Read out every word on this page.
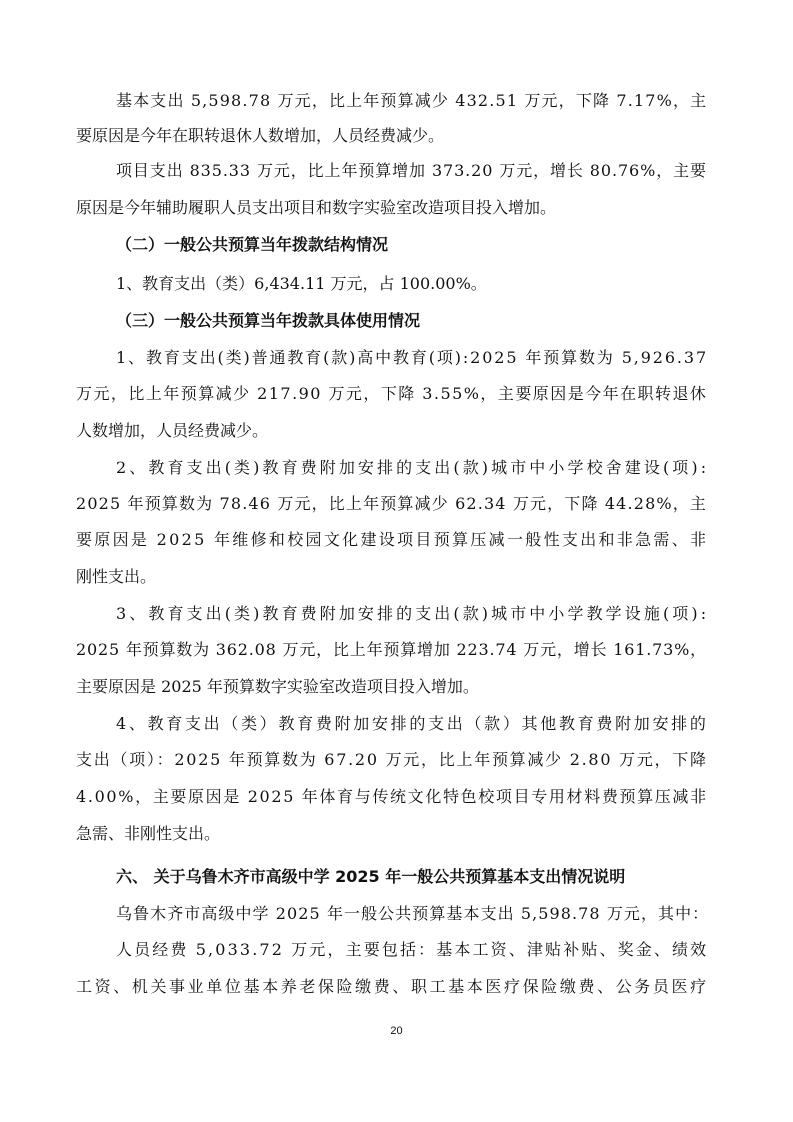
基本支出 5,598.78 万元，比上年预算减少 432.51 万元，下降 7.17%，主
要原因是今年在职转退休人数增加，人员经费减少。
项目支出 835.33 万元，比上年预算增加 373.20 万元，增长 80.76%，主要
原因是今年辅助履职人员支出项目和数字实验室改造项目投入增加。
（二）一般公共预算当年拨款结构情况
1、教育支出（类）6,434.11 万元，占 100.00%。
（三）一般公共预算当年拨款具体使用情况
1、教育支出(类)普通教育(款)高中教育(项):2025 年预算数为 5,926.37
万元，比上年预算减少 217.90 万元，下降 3.55%，主要原因是今年在职转退休
人数增加，人员经费减少。
2、教育支出(类)教育费附加安排的支出(款)城市中小学校舍建设(项):
2025 年预算数为 78.46 万元，比上年预算减少 62.34 万元，下降 44.28%，主
要原因是 2025 年维修和校园文化建设项目预算压减一般性支出和非急需、非
刚性支出。
3、教育支出(类)教育费附加安排的支出(款)城市中小学教学设施(项):
2025 年预算数为 362.08 万元，比上年预算增加 223.74 万元，增长 161.73%，
主要原因是 2025 年预算数字实验室改造项目投入增加。
4、教育支出（类）教育费附加安排的支出（款）其他教育费附加安排的
支出（项）：2025 年预算数为 67.20 万元，比上年预算减少 2.80 万元，下降
4.00%，主要原因是 2025 年体育与传统文化特色校项目专用材料费预算压减非
急需、非刚性支出。
六、 关于乌鲁木齐市高级中学 2025 年一般公共预算基本支出情况说明
乌鲁木齐市高级中学 2025 年一般公共预算基本支出 5,598.78 万元，其中：
人员经费 5,033.72 万元，主要包括：基本工资、津贴补贴、奖金、绩效
工资、机关事业单位基本养老保险缴费、职工基本医疗保险缴费、公务员医疗
20
